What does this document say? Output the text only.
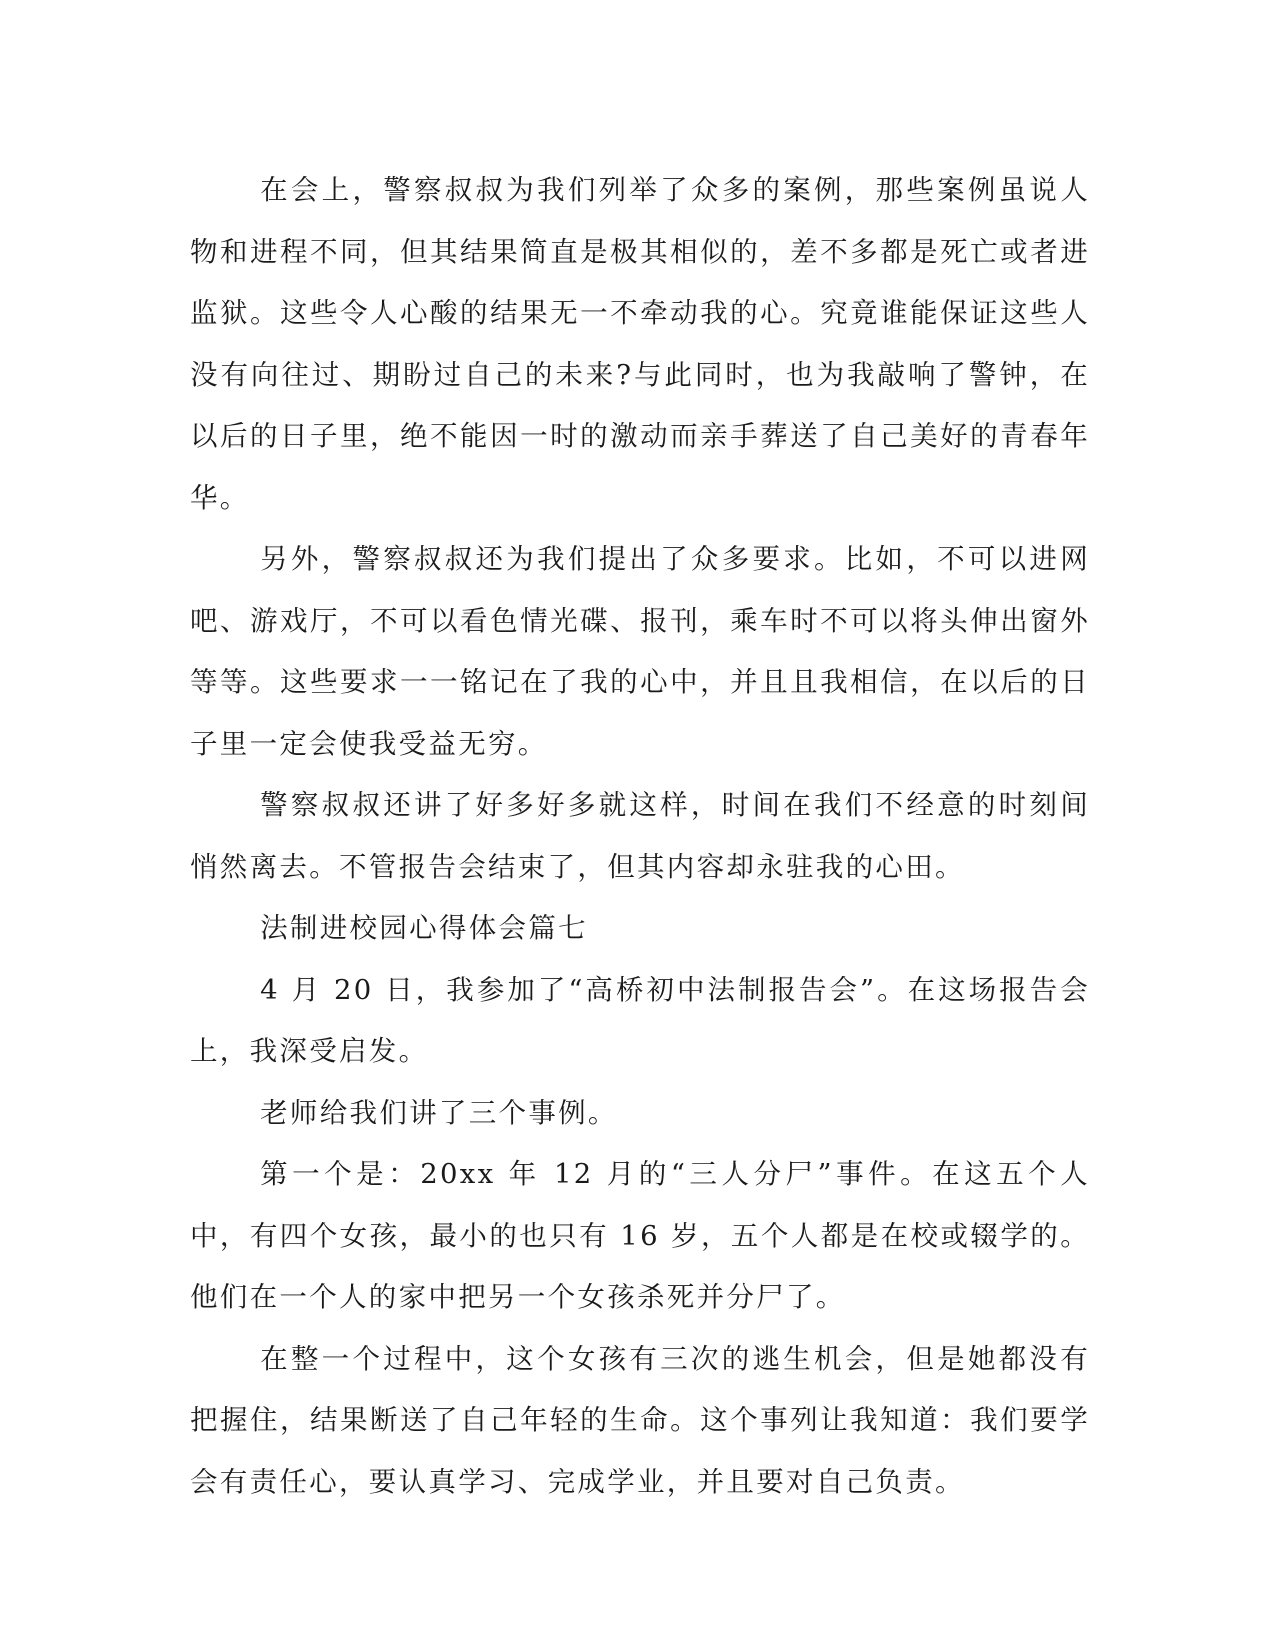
在会上，警察叔叔为我们列举了众多的案例，那些案例虽说人物和进程不同，但其结果简直是极其相似的，差不多都是死亡或者进监狱。这些令人心酸的结果无一不牵动我的心。究竟谁能保证这些人没有向往过、期盼过自己的未来?与此同时，也为我敲响了警钟，在以后的日子里，绝不能因一时的激动而亲手葬送了自己美好的青春年华。

另外，警察叔叔还为我们提出了众多要求。比如，不可以进网吧、游戏厅，不可以看色情光碟、报刊，乘车时不可以将头伸出窗外等等。这些要求一一铭记在了我的心中，并且且我相信，在以后的日子里一定会使我受益无穷。

警察叔叔还讲了好多好多就这样，时间在我们不经意的时刻间悄然离去。不管报告会结束了，但其内容却永驻我的心田。

法制进校园心得体会篇七

4 月 20 日，我参加了“高桥初中法制报告会”。在这场报告会上，我深受启发。

老师给我们讲了三个事例。

第一个是：20xx 年 12 月的“三人分尸”事件。在这五个人中，有四个女孩，最小的也只有 16 岁，五个人都是在校或辍学的。他们在一个人的家中把另一个女孩杀死并分尸了。

在整一个过程中，这个女孩有三次的逃生机会，但是她都没有把握住，结果断送了自己年轻的生命。这个事列让我知道：我们要学会有责任心，要认真学习、完成学业，并且要对自己负责。
